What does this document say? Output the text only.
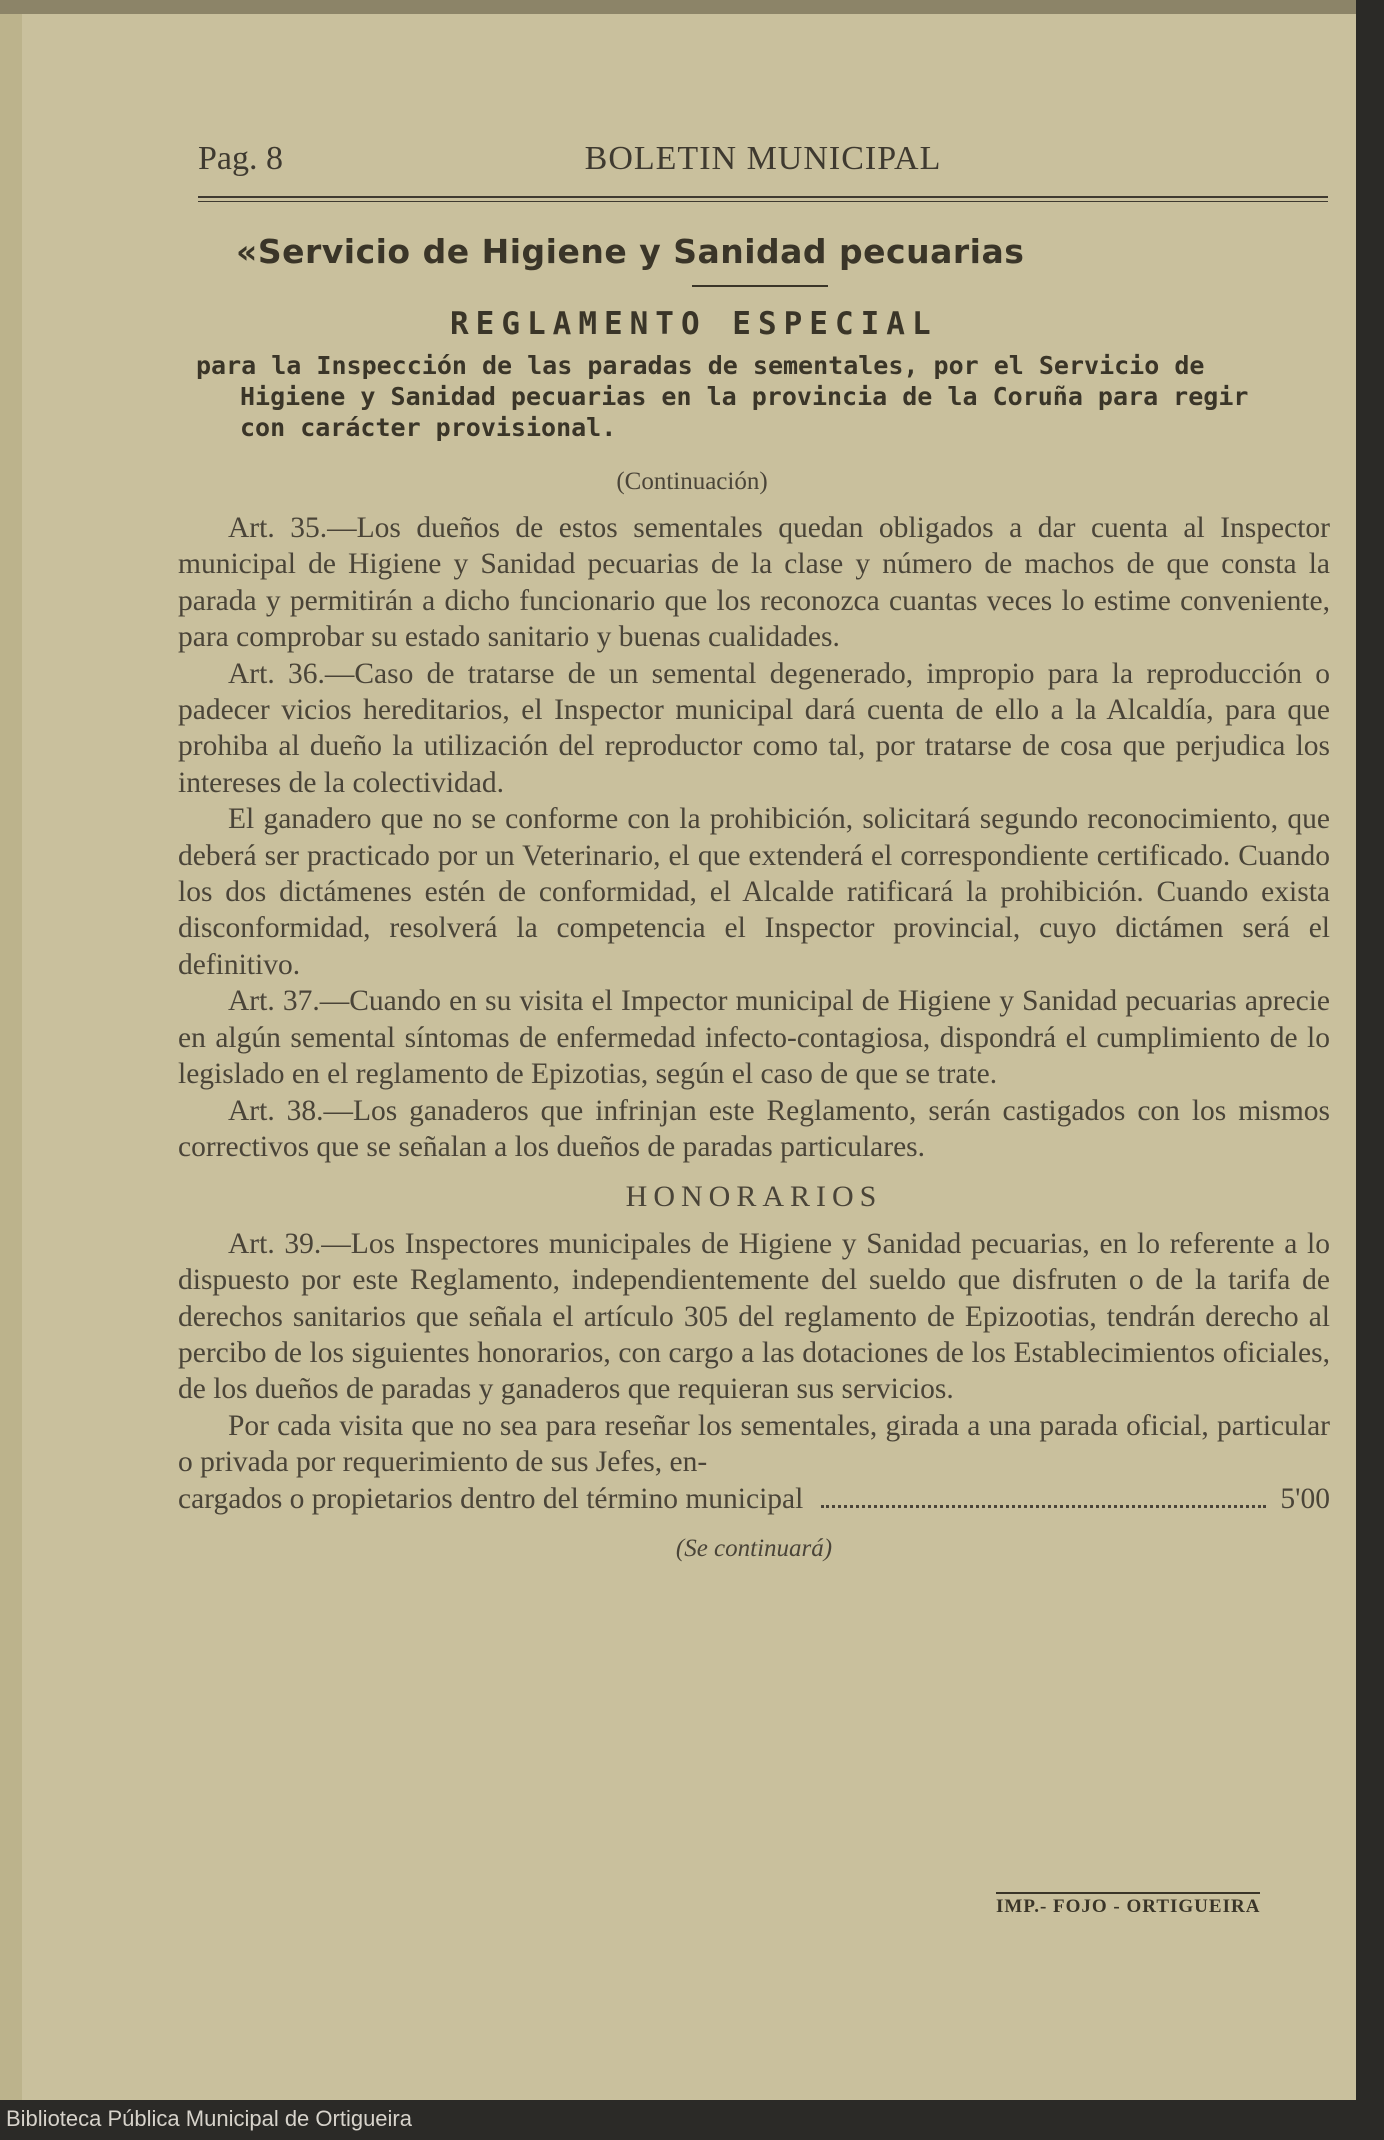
Pag. 8	BOLETIN MUNICIPAL
«Servicio de Higiene y Sanidad pecuarias
REGLAMENTO ESPECIAL
para la Inspección de las paradas de sementales, por el Servicio de
Higiene y Sanidad pecuarias en la provincia de la Coruña para regir
con carácter provisional.
(Continuación)

Art. 35.—Los dueños de estos sementales quedan obligados a dar cuenta al Inspector municipal de Higiene y Sanidad pecuarias de la clase y número de machos de que consta la parada y permitirán a dicho funcionario que los reconozca cuantas veces lo estime conveniente, para comprobar su estado sanitario y buenas cualidades.

Art. 36.—Caso de tratarse de un semental degenerado, impropio para la reproducción o padecer vicios hereditarios, el Inspector municipal dará cuenta de ello a la Alcaldía, para que prohiba al dueño la utilización del reproductor como tal, por tratarse de cosa que perjudica los intereses de la colectividad.

El ganadero que no se conforme con la prohibición, solicitará segundo reconocimiento, que deberá ser practicado por un Veterinario, el que extenderá el correspondiente certificado. Cuando los dos dictámenes estén de conformidad, el Alcalde ratificará la prohibición. Cuando exista disconformidad, resolverá la competencia el Inspector provincial, cuyo dictámen será el definitivo.

Art. 37.—Cuando en su visita el Impector municipal de Higiene y Sanidad pecuarias aprecie en algún semental síntomas de enfermedad infecto-contagiosa, dispondrá el cumplimiento de lo legislado en el reglamento de Epizotias, según el caso de que se trate.

Art. 38.—Los ganaderos que infrinjan este Reglamento, serán castigados con los mismos correctivos que se señalan a los dueños de paradas particulares.

HONORARIOS

Art. 39.—Los Inspectores municipales de Higiene y Sanidad pecuarias, en lo referente a lo dispuesto por este Reglamento, independientemente del sueldo que disfruten o de la tarifa de derechos sanitarios que señala el artículo 305 del reglamento de Epizootias, tendrán derecho al percibo de los siguientes honorarios, con cargo a las dotaciones de los Establecimientos oficiales, de los dueños de paradas y ganaderos que requieran sus servicios.

Por cada visita que no sea para reseñar los sementales, girada a una parada oficial, particular o privada por requerimiento de sus Jefes, en-

cargados o propietarios dentro del término municipal	5'00
(Se continuará)
IMP.- FOJO - ORTIGUEIRA
Biblioteca Pública Municipal de Ortigueira
